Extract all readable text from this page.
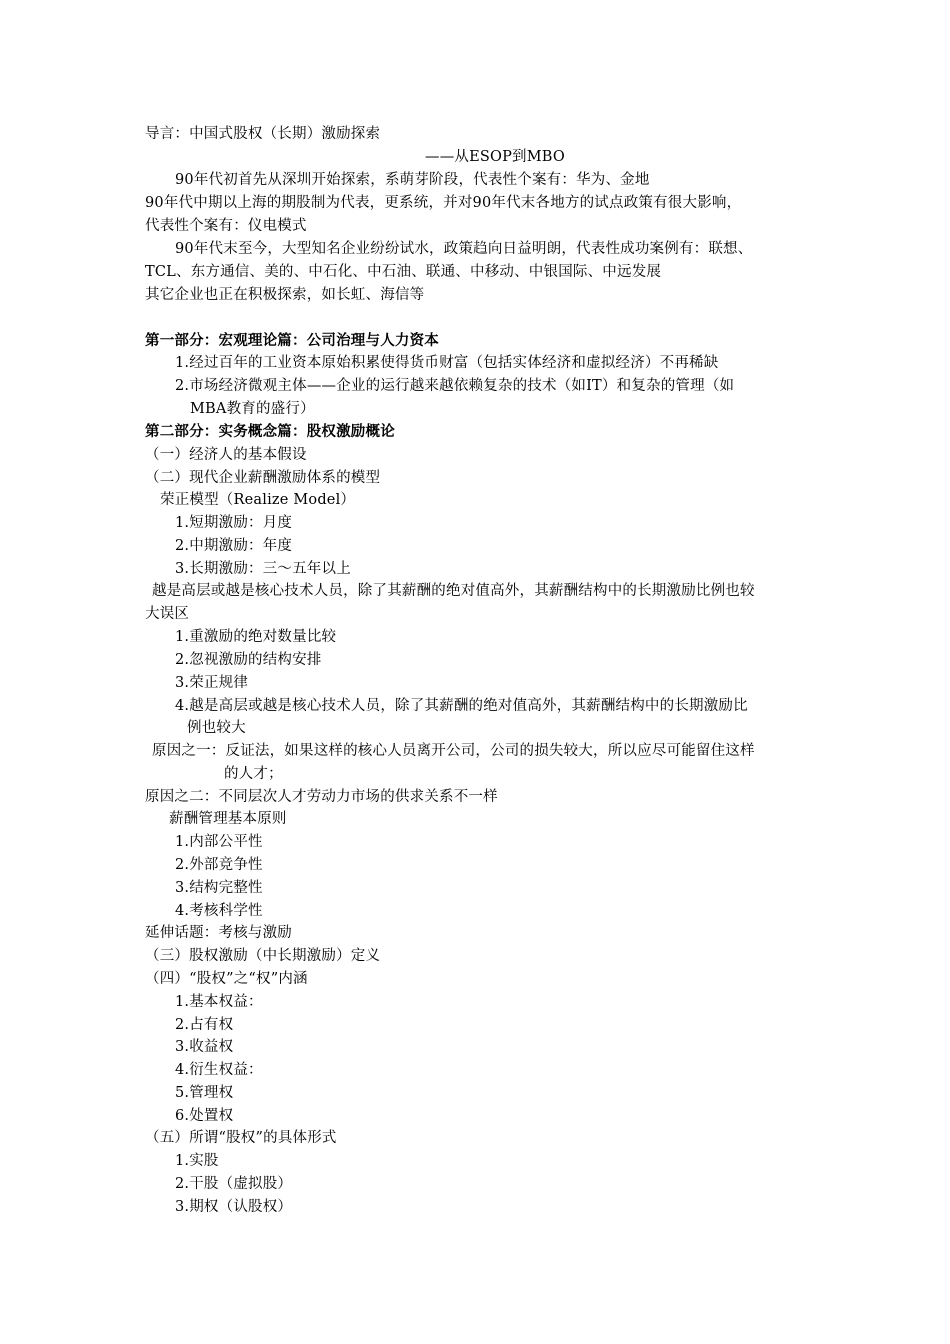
导言：中国式股权（长期）激励探索
——从ESOP到MBO
90年代初首先从深圳开始探索，系萌芽阶段，代表性个案有：华为、金地
90年代中期以上海的期股制为代表，更系统，并对90年代末各地方的试点政策有很大影响，
代表性个案有：仪电模式
90年代末至今，大型知名企业纷纷试水，政策趋向日益明朗，代表性成功案例有：联想、
TCL、东方通信、美的、中石化、中石油、联通、中移动、中银国际、中远发展
其它企业也正在积极探索，如长虹、海信等
第一部分：宏观理论篇：公司治理与人力资本
1.经过百年的工业资本原始积累使得货币财富（包括实体经济和虚拟经济）不再稀缺
2.市场经济微观主体——企业的运行越来越依赖复杂的技术（如IT）和复杂的管理（如
MBA教育的盛行）
第二部分：实务概念篇：股权激励概论
（一）经济人的基本假设
（二）现代企业薪酬激励体系的模型
荣正模型（Realize Model）
1.短期激励：月度
2.中期激励：年度
3.长期激励：三～五年以上
越是高层或越是核心技术人员，除了其薪酬的绝对值高外，其薪酬结构中的长期激励比例也较
大误区
1.重激励的绝对数量比较
2.忽视激励的结构安排
3.荣正规律
4.越是高层或越是核心技术人员，除了其薪酬的绝对值高外，其薪酬结构中的长期激励比
例也较大
原因之一：反证法，如果这样的核心人员离开公司，公司的损失较大，所以应尽可能留住这样
的人才；
原因之二：不同层次人才劳动力市场的供求关系不一样
薪酬管理基本原则
1.内部公平性
2.外部竞争性
3.结构完整性
4.考核科学性
延伸话题：考核与激励
（三）股权激励（中长期激励）定义
（四）“股权”之“权”内涵
1.基本权益：
2.占有权
3.收益权
4.衍生权益：
5.管理权
6.处置权
（五）所谓“股权”的具体形式
1.实股
2.干股（虚拟股）
3.期权（认股权）
